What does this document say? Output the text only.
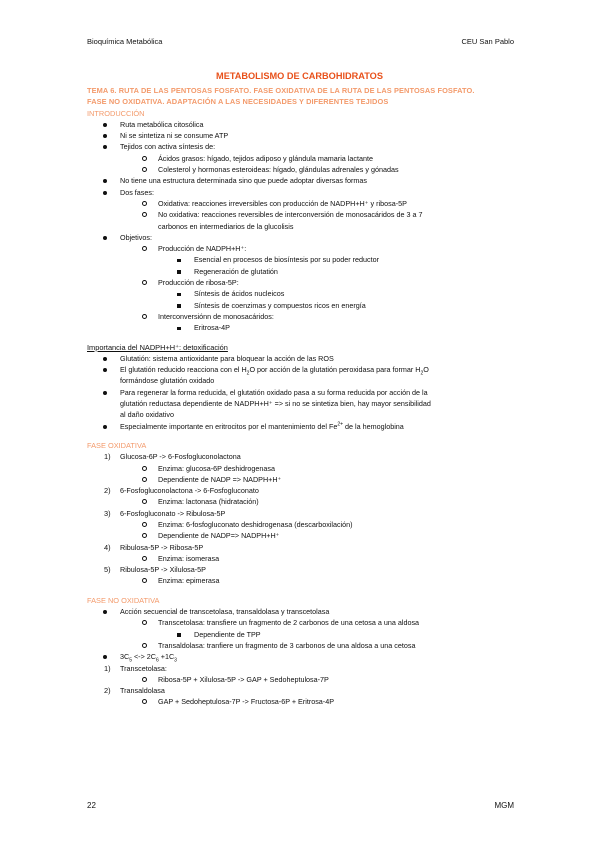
Bioquímica Metabólica	CEU San Pablo
METABOLISMO DE CARBOHIDRATOS
TEMA 6. RUTA DE LAS PENTOSAS FOSFATO. FASE OXIDATIVA DE LA RUTA DE LAS PENTOSAS FOSFATO.
FASE NO OXIDATIVA. ADAPTACIÓN A LAS NECESIDADES Y DIFERENTES TEJIDOS
INTRODUCCIÓN
Ruta metabólica citosólica
Ni se sintetiza ni se consume ATP
Tejidos con activa síntesis de:
Ácidos grasos: hígado, tejidos adiposo y glándula mamaria lactante
Colesterol y hormonas esteroideas: hígado, glándulas adrenales y gónadas
No tiene una estructura determinada sino que puede adoptar diversas formas
Dos fases:
Oxidativa: reacciones irreversibles con producción de NADPH+H⁺ y ribosa-5P
No oxidativa: reacciones reversibles de interconversión de monosacáridos de 3 a 7
carbonos en intermediarios de la glucolisis
Objetivos:
Producción de NADPH+H⁺:
Esencial en procesos de biosíntesis por su poder reductor
Regeneración de glutatión
Producción de ribosa-5P:
Síntesis de ácidos nucleicos
Síntesis de coenzimas y compuestos ricos en energía
Interconversiónn de monosacáridos:
Eritrosa-4P
Importancia del NADPH+H⁺: detoxificación
Glutatión: sistema antioxidante para bloquear la acción de las ROS
El glutatión reducido reacciona con el $H_2O$ por acción de la glutatión peroxidasa para formar $H_2O$
formándose glutatión oxidado
Para regenerar la forma reducida, el glutatión oxidado pasa a su forma reducida por acción de la
glutatión reductasa dependiente de NADPH+H⁺ => si no se sintetiza bien, hay mayor sensibilidad
al daño oxidativo
Especialmente importante en eritrocitos por el mantenimiento del $Fe^{2+}$ de la hemoglobina
FASE OXIDATIVA
1) Glucosa-6P -> 6-Fosfogluconolactona
Enzima: glucosa-6P deshidrogenasa
Dependiente de NADP => NADPH+H⁺
2) 6-Fosfogluconolactona -> 6-Fosfogluconato
Enzima: lactonasa (hidratación)
3) 6-Fosfogluconato -> Ribulosa-5P
Enzima: 6-fosfogluconato deshidrogenasa (descarboxilación)
Dependiente de NADP=> NADPH+H⁺
4) Ribulosa-5P -> Ribosa-5P
Enzima: isomerasa
5) Ribulosa-5P -> Xilulosa-5P
Enzima: epimerasa
FASE NO OXIDATIVA
Acción secuencial de transcetolasa, transaldolasa y transcetolasa
Transcetolasa: transfiere un fragmento de 2 carbonos de una cetosa a una aldosa
Dependiente de TPP
Transaldolasa: tranfiere un fragmento de 3 carbonos de una aldosa a una cetosa
$3C_5$ <-> $2C_6 +1C_3$
1) Transcetolasa:
Ribosa-5P + Xilulosa-5P -> GAP + Sedoheptulosa-7P
2) Transaldolasa
GAP + Sedoheptulosa-7P -> Fructosa-6P + Eritrosa-4P
22	MGM
